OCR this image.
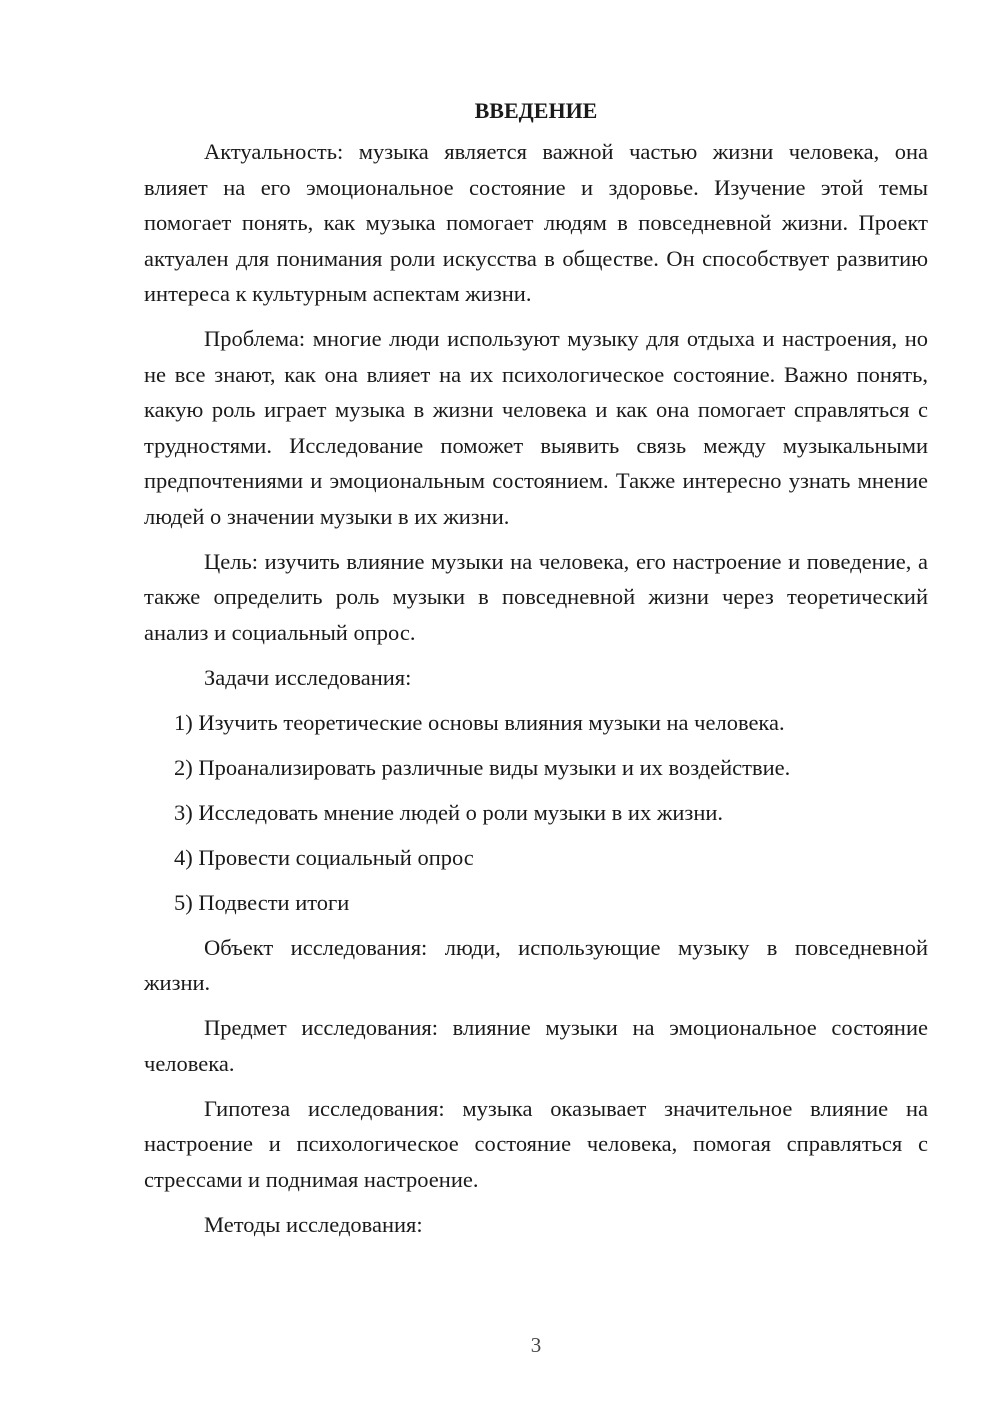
ВВЕДЕНИЕ

Актуальность: музыка является важной частью жизни человека, она влияет на его эмоциональное состояние и здоровье. Изучение этой темы помогает понять, как музыка помогает людям в повседневной жизни. Проект актуален для понимания роли искусства в обществе. Он способствует развитию интереса к культурным аспектам жизни.

Проблема: многие люди используют музыку для отдыха и настроения, но не все знают, как она влияет на их психологическое состояние. Важно понять, какую роль играет музыка в жизни человека и как она помогает справляться с трудностями. Исследование поможет выявить связь между музыкальными предпочтениями и эмоциональным состоянием. Также интересно узнать мнение людей о значении музыки в их жизни.

Цель: изучить влияние музыки на человека, его настроение и поведение, а также определить роль музыки в повседневной жизни через теоретический анализ и социальный опрос.

Задачи исследования:

1) Изучить теоретические основы влияния музыки на человека.

2) Проанализировать различные виды музыки и их воздействие.

3) Исследовать мнение людей о роли музыки в их жизни.

4) Провести социальный опрос

5) Подвести итоги

Объект исследования: люди, использующие музыку в повседневной жизни.

Предмет исследования: влияние музыки на эмоциональное состояние человека.

Гипотеза исследования: музыка оказывает значительное влияние на настроение и психологическое состояние человека, помогая справляться с стрессами и поднимая настроение.

Методы исследования:

3
